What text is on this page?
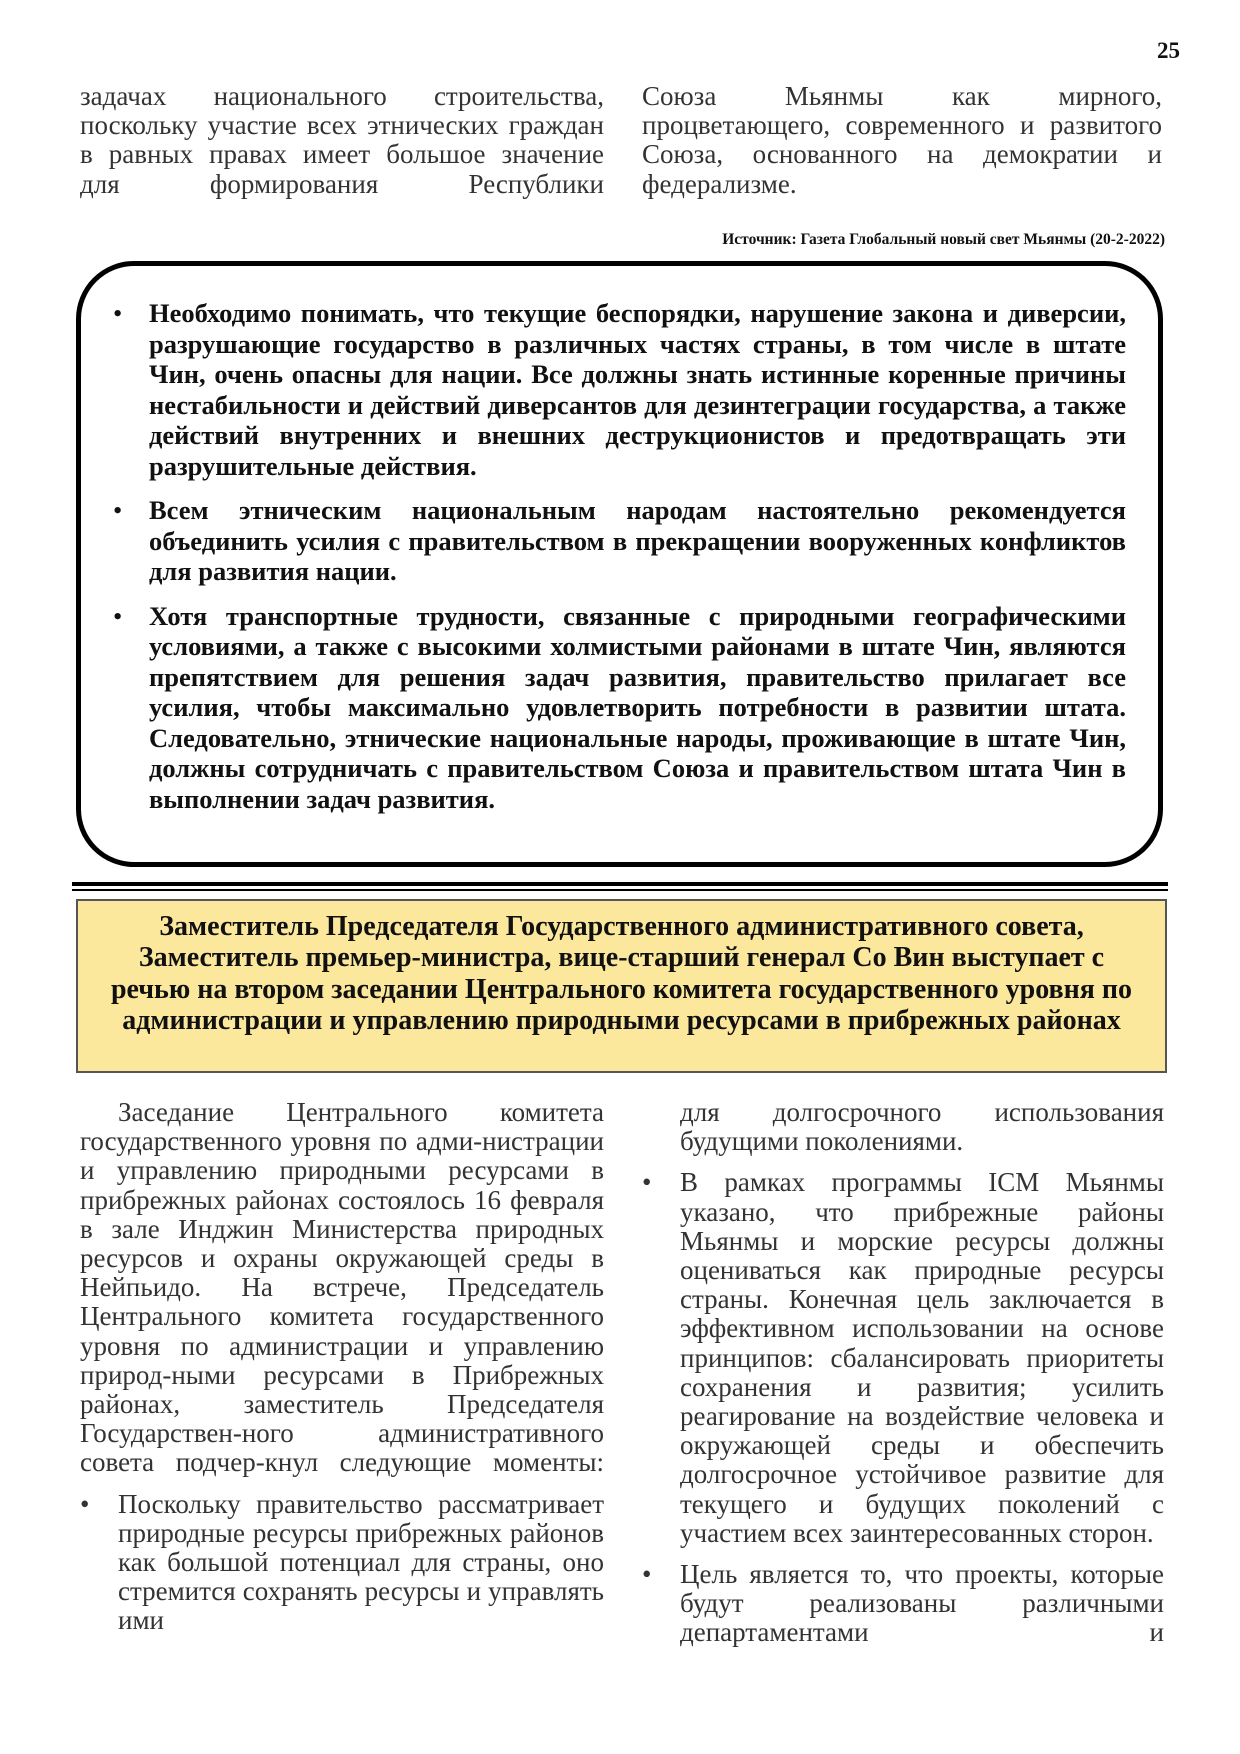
25

задачах национального строительства, поскольку участие всех этнических граждан в равных правах имеет большое значение для формирования Республики

Союза Мьянмы как мирного, процветающего, современного и развитого Союза, основанного на демократии и федерализме.

Источник: Газета Глобальный новый свет Мьянмы (20-2-2022)
• Необходимо понимать, что текущие беспорядки, нарушение закона и диверсии, разрушающие государство в различных частях страны, в том числе в штате Чин, очень опасны для нации. Все должны знать истинные коренные причины нестабильности и действий диверсантов для дезинтеграции государства, а также действий внутренних и внешних деструкционистов и предотвращать эти разрушительные действия.
• Всем этническим национальным народам настоятельно рекомендуется объединить усилия с правительством в прекращении вооруженных конфликтов для развития нации.
• Хотя транспортные трудности, связанные с природными географическими условиями, а также с высокими холмистыми районами в штате Чин, являются препятствием для решения задач развития, правительство прилагает все усилия, чтобы максимально удовлетворить потребности в развитии штата. Следовательно, этнические национальные народы, проживающие в штате Чин, должны сотрудничать с правительством Союза и правительством штата Чин в выполнении задач развития.
Заместитель Председателя Государственного административного совета, Заместитель премьер-министра, вице-старший генерал Со Вин выступает с речью на втором заседании Центрального комитета государственного уровня по администрации и управлению природными ресурсами в прибрежных районах

Заседание Центрального комитета государственного уровня по адми-нистрации и управлению природными ресурсами в прибрежных районах состоялось 16 февраля в зале Инджин Министерства природных ресурсов и охраны окружающей среды в Нейпьидо. На встрече, Председатель Центрального комитета государственного уровня по администрации и управлению природ-ными ресурсами в Прибрежных районах, заместитель Председателя Государствен-ного административного совета подчер-кнул следующие моменты:

• Поскольку правительство рассматривает природные ресурсы прибрежных районов как большой потенциал для страны, оно стремится сохранять ресурсы и управлять ими

для долгосрочного использования будущими поколениями.

• В рамках программы ICM Мьянмы указано, что прибрежные районы Мьянмы и морские ресурсы должны оцениваться как природные ресурсы страны. Конечная цель заключается в эффективном использовании на основе принципов: сбалансировать приоритеты сохранения и развития; усилить реагирование на воздействие человека и окружающей среды и обеспечить долгосрочное устойчивое развитие для текущего и будущих поколений с участием всех заинтересованных сторон.
• Цель является то, что проекты, которые будут реализованы различными департаментами и
